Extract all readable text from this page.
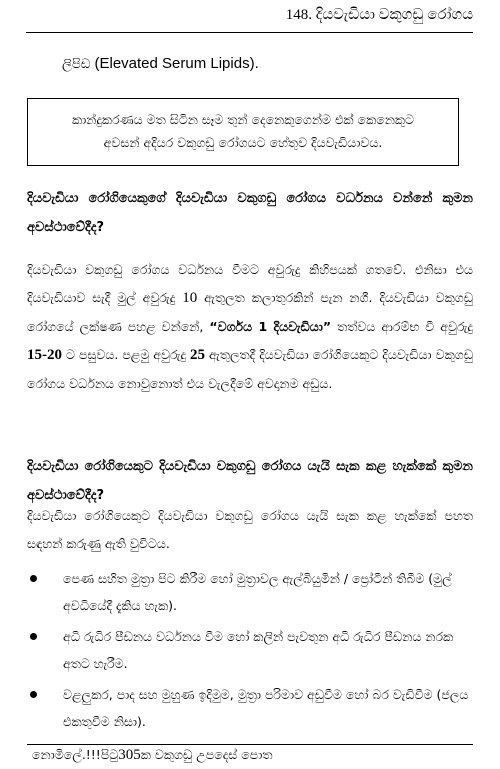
148. දියවැඩියා වකුගඩු රෝගය
ලිපිඩ (Elevated Serum Lipids).
කාන්දුකරණය මත සිටින සෑම තුන් දෙනෙකුගෙන්ම එක් කෙනෙකුට
අවසන් අදියර වකුගඩු රෝගයට හේතුව දියවැඩියාවය.
දියවැඩියා රෝගියෙකුගේ දියවැඩියා වකුගඩු රෝගය වර්ධනය වන්නේ කුමන අවස්ථාවේදීද?
දියවැඩියා වකුගඩු රෝගය වර්ධනය වීමට අවුරුදු කිහිපයක් ගතවේ. එනිසා එය දියවැඩියාව සැදී මුල් අවුරුදු 10 ඇතුලත කලාතුරකින් පැන නගී. දියවැඩියා වකුගඩු රෝගයේ ලක්ෂණ පහළ වන්නේ, “වර්ගය 1 දියවැඩියා” තත්වය ආරම්භ වී අවුරුදු 15-20 ට පසුවය. පළමු අවුරුදු 25 ඇතුලතදී දියවැඩියා රෝගියෙකුට දියවැඩියා වකුගඩු රෝගය වර්ධනය නොවුනොත් එය වැලදීමේ අවදානම අඩුය.
දියවැඩියා රෝගියෙකුට දියවැඩියා වකුගඩු රෝගය යැයි සැක කළ හැක්කේ කුමන අවස්ථාවේදීද?
දියවැඩියා රෝගියෙකුට දියවැඩියා වකුගඩු රෝගය යැයි සැක කළ හැක්කේ පහත සඳහන් කරුණු ඇති වුවිටය.
පෙණ සහිත මුත්‍රා පිට කිරීම හෝ මුත්‍රාවල ඇල්බියුමින් / ප්‍රෝටීන් තිබීම (මුල් අවධියේදී දැකිය හැක).
අධි රුධිර පීඩනය වර්ධනය වීම හෝ කලින් පැවතුන අධි රුධිර පීඩනය නරක අතට හැරීම.
වළලුකර, පාද සහ මුහුණ ඉදිමුම, මුත්‍රා පරිමාව අඩුවීම හෝ බර වැඩිවීම (ජලය එකතුවීම නිසා).
නොමිලේ.!!!පිටු305ක වකුගඩු උපදෙස් පොත
